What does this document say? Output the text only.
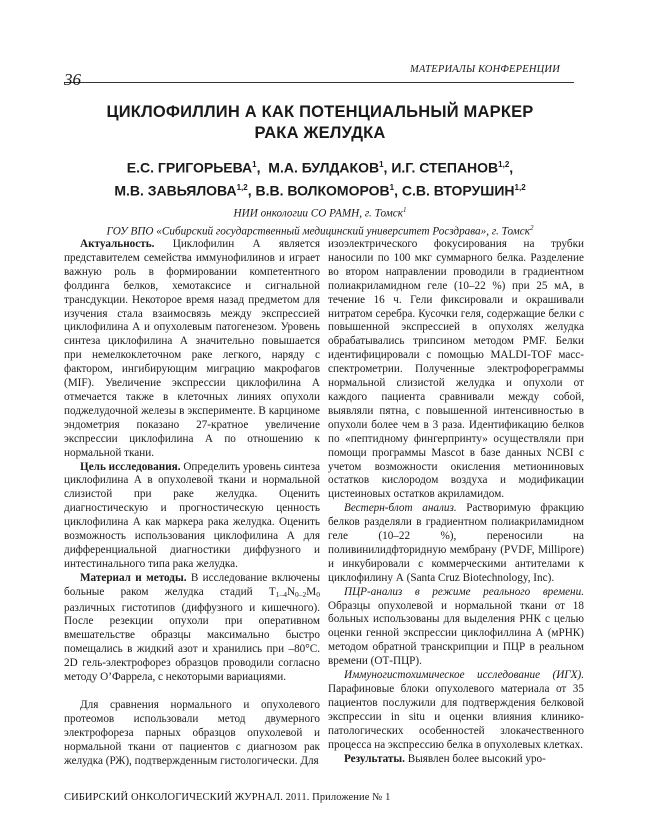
МАТЕРИАЛЫ КОНФЕРЕНЦИИ
36
ЦИКЛОФИЛЛИН А КАК ПОТЕНЦИАЛЬНЫЙ МАРКЕР
РАКА ЖЕЛУДКА
Е.С. ГРИГОРЬЕВА$^1$,  М.А. БУЛДАКОВ$^1$, И.Г. СТЕПАНОВ$^{1,2}$,
М.В. ЗАВЬЯЛОВА$^{1,2}$, В.В. ВОЛКОМОРОВ$^1$, С.В. ВТОРУШИН$^{1,2}$
НИИ онкологии СО РАМН, г. Томск$^1$
ГОУ ВПО «Сибирский государственный медицинский университет Росздрава», г. Томск$^2$

Актуальность. Циклофилин А является представителем семейства иммунофилинов и играет важную роль в формировании компетентного фолдинга белков, хемотаксисе и сигнальной трансдукции. Некоторое время назад предметом для изучения стала взаимосвязь между экспрессией циклофилина А и опухолевым патогенезом. Уровень синтеза циклофилина А значительно повышается при немелкоклеточном раке легкого, наряду с фактором, ингибирующим миграцию макрофагов (MIF). Увеличение экспрессии циклофилина А отмечается также в клеточных линиях опухоли поджелудочной железы в эксперименте. В карциноме эндометрия показано 27-кратное увеличение экспрессии циклофилина А по отношению к нормальной ткани.

Цель исследования. Определить уровень синтеза циклофилина А в опухолевой ткани и нормальной слизистой при раке желудка. Оценить диагностическую и прогностическую ценность циклофилина А как маркера рака желудка. Оценить возможность использования циклофилина А для дифференциальной диагностики диффузного и интестинального типа рака желудка.

Материал и методы. В исследование включены больные раком желудка стадий $T_{1-4}N_{0-2}M_0$ различных гистотипов (диффузного и кишечного). После резекции опухоли при оперативном вмешательстве образцы максимально быстро помещались в жидкий азот и хранились при –80°С. 2D гель-электрофорез образцов проводили согласно методу О’Фаррела, с некоторыми вариациями.

Для сравнения нормального и опухолевого протеомов использовали метод двумерного электрофореза парных образцов опухолевой и нормальной ткани от пациентов с диагнозом рак желудка (РЖ), подтвержденным гистологически. Для

изоэлектрического фокусирования на трубки наносили по 100 мкг суммарного белка. Разделение во втором направлении проводили в градиентном полиакриламидном геле (10–22 %) при 25 мА, в течение 16 ч. Гели фиксировали и окрашивали нитратом серебра. Кусочки геля, содержащие белки с повышенной экспрессией в опухолях желудка обрабатывались трипсином методом PMF. Белки идентифицировали с помощью MALDI-TOF масс-спектрометрии. Полученные электрофореграммы нормальной слизистой желудка и опухоли от каждого пациента сравнивали между собой, выявляли пятна, с повышенной интенсивностью в опухоли более чем в 3 раза. Идентификацию белков по «пептидному фингерпринту» осуществляли при помощи программы Mascot в базе данных NCBI с учетом возможности окисления метиониновых остатков кислородом воздуха и модификации цистеиновых остатков акриламидом.

Вестерн-блот анализ. Растворимую фракцию белков разделяли в градиентном полиакриламидном геле (10–22 %), переносили на поливинилидфторидную мембрану (PVDF, Millipore) и инкубировали с коммерческими антителами к циклофилину А (Santa Cruz Biotechnology, Inc).

ПЦР-анализ в режиме реального времени. Образцы опухолевой и нормальной ткани от 18 больных использованы для выделения РНК с целью оценки генной экспрессии циклофиллина А (мРНК) методом обратной транскрипции и ПЦР в реальном времени (ОТ-ПЦР).

Иммуногистохимическое исследование (ИГХ). Парафиновые блоки опухолевого материала от 35 пациентов послужили для подтверждения белковой экспрессии in situ и оценки влияния клинико-патологических особенностей злокачественного процесса на экспрессию белка в опухолевых клетках.

Результаты. Выявлен более высокий уро-

СИБИРСКИЙ ОНКОЛОГИЧЕСКИЙ ЖУРНАЛ. 2011. Приложение № 1
